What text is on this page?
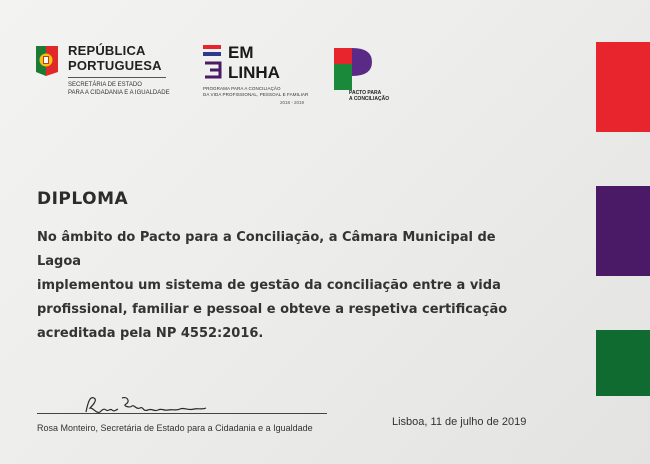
REPÚBLICA
PORTUGUESA
SECRETÁRIA DE ESTADO
PARA A CIDADANIA E A IGUALDADE
EM
LINHA
PROGRAMA PARA A CONCILIAÇÃO
DA VIDA PROFISSIONAL, PESSOAL E FAMILIAR
2018 - 2019
PACTO PARA
A CONCILIAÇÃO
DIPLOMA
No âmbito do Pacto para a Conciliação, a Câmara Municipal de Lagoa
implementou um sistema de gestão da conciliação entre a vida
profissional, familiar e pessoal e obteve a respetiva certificação
acreditada pela NP 4552:2016.
Rosa Monteiro, Secretária de Estado para a Cidadania e a Igualdade	Lisboa, 11 de julho de 2019
